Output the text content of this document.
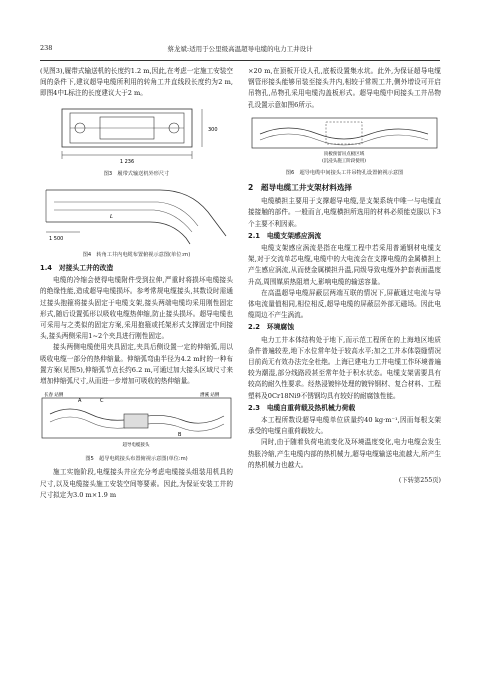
238	蔡龙斌:适用于公里级高温超导电缆的电力工井设计

(见图3),履带式输送机的长度约1.2 m,因此,在考虑一定施工安装空间的条件下,建议超导电缆所利用的转角工井直线段长度约为2 m,即图4中L标注的长度建议大于2 m。

1 236
300
图3　履带式输送机外形尺寸
1 500
L
图4　转角工井内电缆布置俯视示意图(单位:m)
1.4　对接头工井的改造

电缆的冷缩会使得电缆附件受到拉伸,严重时将损坏电缆接头的绝缘性能,造成超导电缆损坏。参考常规电缆接头,其数设时需通过接头抱箍将接头固定于电缆支架,接头两端电缆均采用刚性固定形式,随后设置弧形以吸收电缆热伸缩,防止接头损坏。超导电缆也可采用与之类似的固定方案,采用抱箍或托架形式支撑固定中间接头,接头两侧采用1~2个夹具进行刚性固定。

接头两侧电缆使用夹具固定,夹具后侧设置一定的伸缩弧,用以吸收电缆一部分的热伸缩量。伸缩弧弯曲半径为4.2 m时的一种布置方案(见图5),伸缩弧节点长约6.2 m,可通过加大接头区域尺寸来增加伸缩弧尺寸,从而进一步增加可吸收的热伸缩量。

长春 站侧	漕溪 站侧
A	C
B
超导电缆接头
图5　超导电缆接头布置俯视示意图(单位:m)

施工实施阶段,电缆接头井应充分考虑电缆接头组装用机具的尺寸,以及电缆接头施工安装空间等要素。因此,为保证安装工井的尺寸拟定为3.0 m×1.9 m

×20 m,在顶板开设人孔,底板设置集水坑。此外,为保证超导电缆钢管形接头能够吊装至接头井内,相较于常规工井,侧外增设可开启吊物孔,吊物孔采用电缆沟盖板形式。超导电缆中间接头工井吊物孔设置示意如图6所示。

顶板预留吊点板区域
(沉浸头施工阶段使用)
图6　超导电缆中间接头工井吊物孔设置俯视示意图
2　超导电缆工井支架材料选择

电缆横担主要用于支撑超导电缆,是支架系统中唯一与电缆直接接触的部件。一般而言,电缆横担所选用的材料必须能克服以下3个主要不利因素。

2.1　电缆支架感应涡流

电缆支架感应涡流是指在电缆工程中若采用普通钢材电缆支架,对于交流单芯电缆,电缆中的大电流会在支撑电缆的金属横担上产生感应涡流,从而使金属横担升温,同级导致电缆外护套表面温度升高,周围媒质热阻增大,影响电缆的输送容量。

在高温超导电缆屏蔽层两端互联的情况下,屏蔽通过电流与导体电流量值相同,相位相反,超导电缆的屏蔽层外部无磁场。因此电缆周边不产生涡流。

2.2　环境腐蚀

电力工井本体结构处于地下,而示范工程所在的上海地区地质条件普遍较差,地下水位常年处于较高水平;加之工井本体裂缝情况目前尚无有效办法完全杜绝。上海已建电力工井电缆工作环境普遍较为潮湿,部分线路段甚至常年处于积水状态。电缆支架需要具有较高的耐久性要求。经热浸镀锌处理的镀锌钢材、复合材料、工程塑料及0Cr18Ni9不锈钢均具有较好的耐腐蚀性能。

2.3　电缆自重荷载及热机械力荷载

本工程所数设超导电缆单位质量约40 kg·m⁻¹,因而每根支架承受的电缆自重荷载较大。

同时,由于随着负荷电流变化及环境温度变化,电力电缆会发生热胀冷缩,产生电缆内部的热机械力,超导电缆输送电流越大,所产生的热机械力也越大。

(下转第255页)
